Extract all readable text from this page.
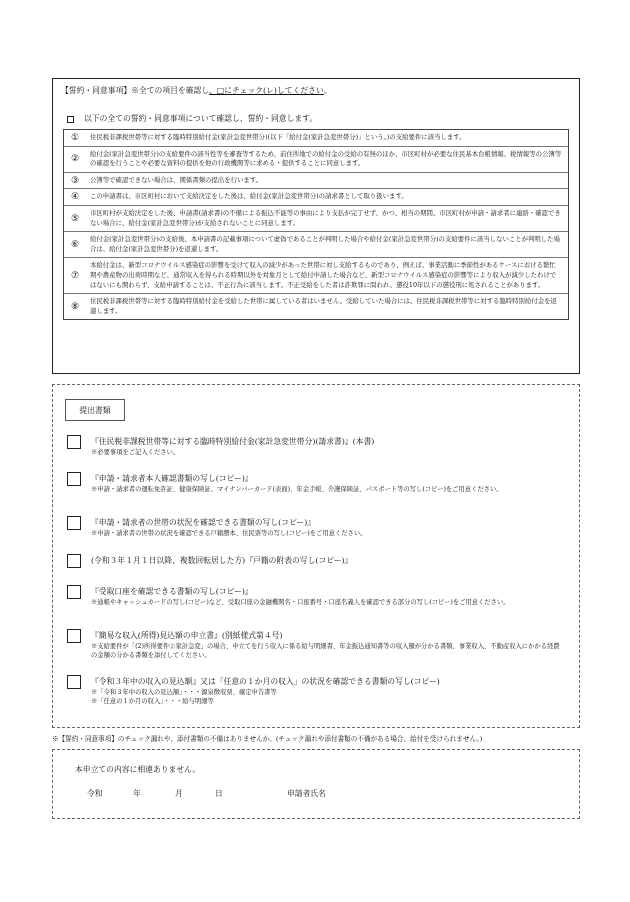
【誓約・同意事項】※全ての項目を確認し、□にチェック(レ)してください。
以下の全ての誓約・同意事項について確認し、誓約・同意します。
①	住民税非課税世帯等に対する臨時特別給付金(家計急変世帯分)(以下「給付金(家計急変世帯分)」という。)の支給要件に該当します。
②
給付金(家計急変世帯分)の支給要件の該当性等を審査等するため、前住所地での給付金の受給の有無のほか、市区町村が必要な住民基本台帳情報、税情報等の公簿等の確認を行うことや必要な資料の提供を他の行政機関等に求める・提供することに同意します。
③	公簿等で確認できない場合は、関係書類の提出を行います。
④	この申請書は、市区町村において支給決定をした後は、給付金(家計急変世帯分)の請求書として取り扱います。
⑤
市区町村が支給決定をした後、申請書(請求書)の不備による振込不能等の事由により支払が完了せず、かつ、相当の期間、市区町村が申請・請求者に連絡・確認できない場合に、給付金(家計急変世帯分)が支給されないことに同意します。
⑥
給付金(家計急変世帯分)の支給後、本申請書の記載事項について虚偽であることが判明した場合や給付金(家計急変世帯分)の支給要件に該当しないことが判明した場合は、給付金(家計急変世帯分)を返還します。
⑦
本給付金は、新型コロナウイルス感染症の影響を受けて収入の減少があった世帯に対し支給するものであり、例えば、事業活動に季節性があるケースにおける繁忙期や農産物の出荷時期など、通常収入を得られる時期以外を対象月として給付申請した場合など、新型コロナウイルス感染症の影響等により収入が減少したわけではないにも関わらず、支給申請することは、不正行為に該当します。不正受給をした者は詐欺罪に問われ、懲役10年以下の懲役刑に処されることがあります。
⑧
住民税非課税世帯等に対する臨時特別給付金を受給した世帯に属している者はいません。受給していた場合には、住民税非課税世帯等に対する臨時特別給付金を返還します。
提出書類
『住民税非課税世帯等に対する臨時特別給付金(家計急変世帯分)(請求書)』(本書)
※必要事項をご記入ください。
『申請・請求者本人確認書類の写し(コピー)』
※申請・請求者の運転免許証、健康保険証、マイナンバーカード(表面)、年金手帳、介護保険証、パスポート等の写し(コピー)をご用意ください。
『申請・請求者の世帯の状況を確認できる書類の写し(コピー)』
※申請・請求者の世帯の状況を確認できる戸籍謄本、住民票等の写し(コピー)をご用意ください。
(令和３年１月１日以降、複数回転居した方)『戸籍の附表の写し(コピー)』
『受取口座を確認できる書類の写し(コピー)』
※通帳やキャッシュカードの写し(コピー)など、受取口座の金融機関名・口座番号・口座名義人を確認できる部分の写し(コピー)をご用意ください。
『簡易な収入(所得)見込額の申立書』(別紙様式第４号)
※支給要件が「(2)所得要件②家計急変」の場合、申立てを行う収入に係る給与明細書、年金振込通知書等の収入額が分かる書類、事業収入、不動産収入にかかる経費の金額の分かる書類を添付してください。
『令和３年中の収入の見込額』又は「任意の１か月の収入」の状況を確認できる書類の写し(コピー)
※「令和３年中の収入の見込額」・・・源泉徴収票、確定申告書等
※「任意の１か月の収入」・・・給与明細等
※【誓約・同意事項】のチェック漏れや、添付書類の不備はありませんか。(チェック漏れや添付書類の不備がある場合、給付を受けられません。)
本申立ての内容に相違ありません。
令和	年	月	日	申請者氏名
